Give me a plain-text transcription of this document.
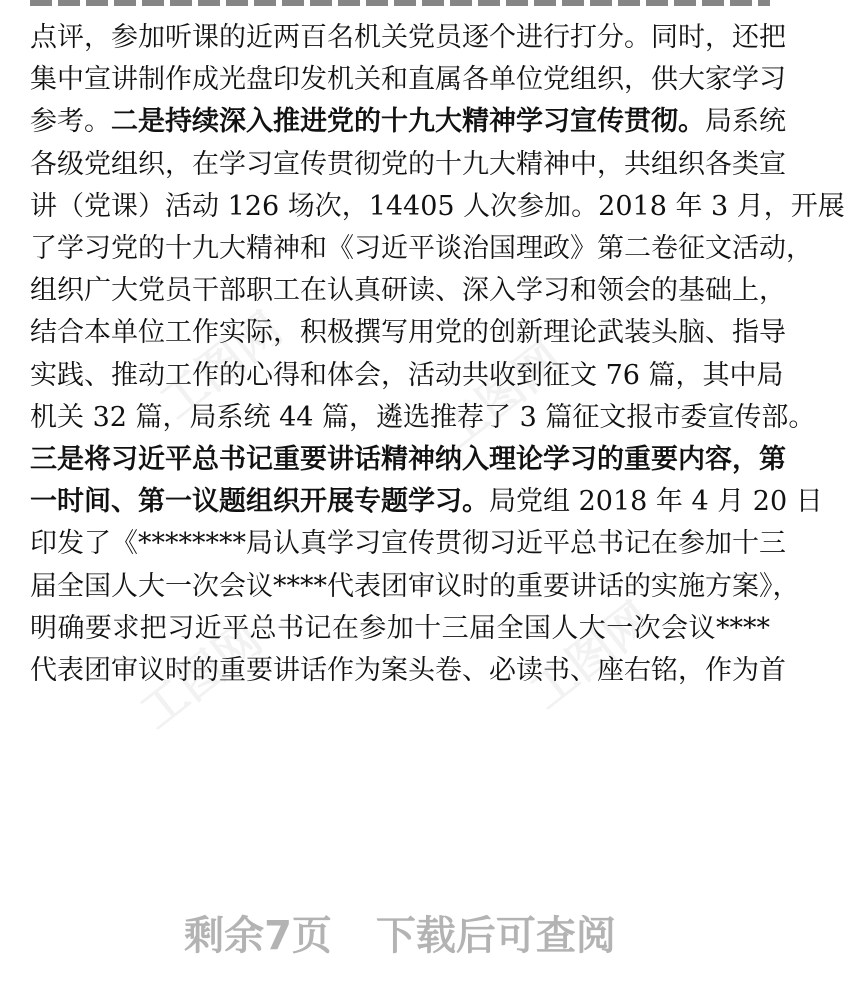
点评，参加听课的近两百名机关党员逐个进行打分。同时，还把
集中宣讲制作成光盘印发机关和直属各单位党组织，供大家学习
参考。二是持续深入推进党的十九大精神学习宣传贯彻。局系统
各级党组织，在学习宣传贯彻党的十九大精神中，共组织各类宣
讲（党课）活动 126 场次，14405 人次参加。2018 年 3 月，开展
了学习党的十九大精神和《习近平谈治国理政》第二卷征文活动，
组织广大党员干部职工在认真研读、深入学习和领会的基础上，
结合本单位工作实际，积极撰写用党的创新理论武装头脑、指导
实践、推动工作的心得和体会，活动共收到征文 76 篇，其中局
机关 32 篇，局系统 44 篇，遴选推荐了 3 篇征文报市委宣传部。
三是将习近平总书记重要讲话精神纳入理论学习的重要内容，第
一时间、第一议题组织开展专题学习。局党组 2018 年 4 月 20 日
印发了《********局认真学习宣传贯彻习近平总书记在参加十三
届全国人大一次会议****代表团审议时的重要讲话的实施方案》，
明确要求把习近平总书记在参加十三届全国人大一次会议****
代表团审议时的重要讲话作为案头卷、必读书、座右铭，作为首
工图网	工图网
工图网	工图网
剩余7页 下载后可查阅
